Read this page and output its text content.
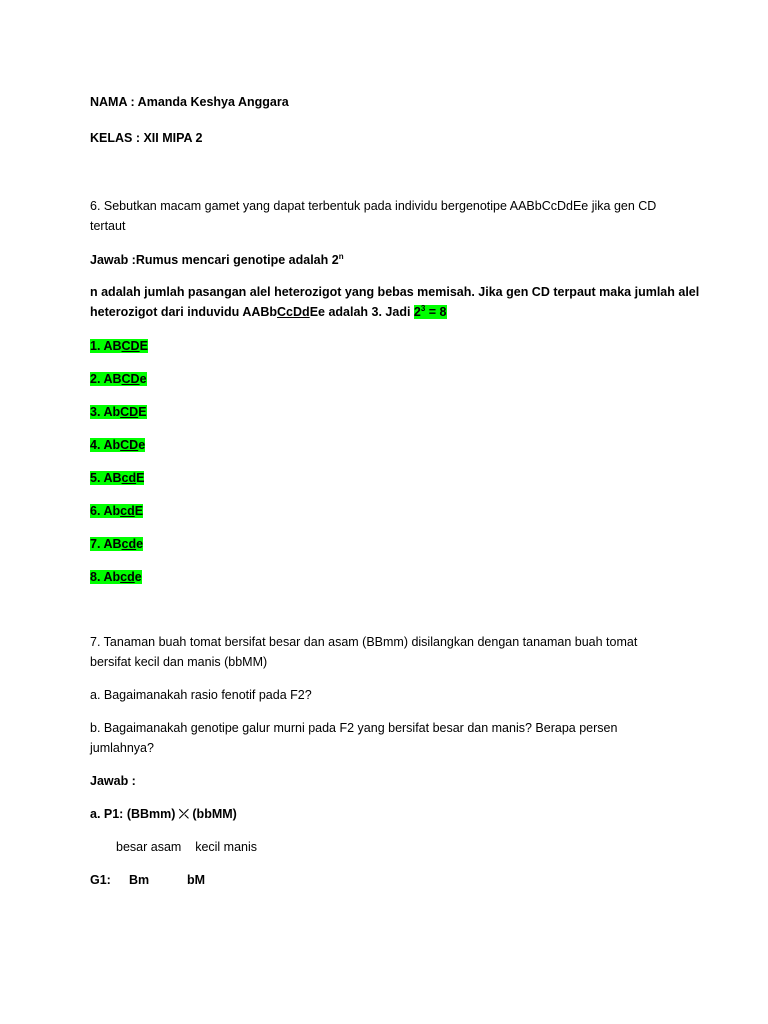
NAMA : Amanda Keshya Anggara
KELAS : XII MIPA 2
6. Sebutkan macam gamet yang dapat terbentuk pada individu bergenotipe AABbCcDdEe jika gen CD
tertaut
Jawab :Rumus mencari genotipe adalah 2$^n$
n adalah jumlah pasangan alel heterozigot yang bebas memisah. Jika gen CD terpaut maka jumlah alel
heterozigot dari induvidu AABbCcDdEe adalah 3. Jadi $2^3 = 8$
1. ABCDE
2. ABCDe
3. AbCDE
4. AbCDe
5. ABcdE
6. AbcdE
7. ABcde
8. Abcde
7. Tanaman buah tomat bersifat besar dan asam (BBmm) disilangkan dengan tanaman buah tomat
bersifat kecil dan manis (bbMM)
a. Bagaimanakah rasio fenotif pada F2?
b. Bagaimanakah genotipe galur murni pada F2 yang bersifat besar dan manis? Berapa persen
jumlahnya?
Jawab :
a. P1: (BBmm) ⤫ (bbMM)
besar asam    kecil manis
G1: Bm	bM
